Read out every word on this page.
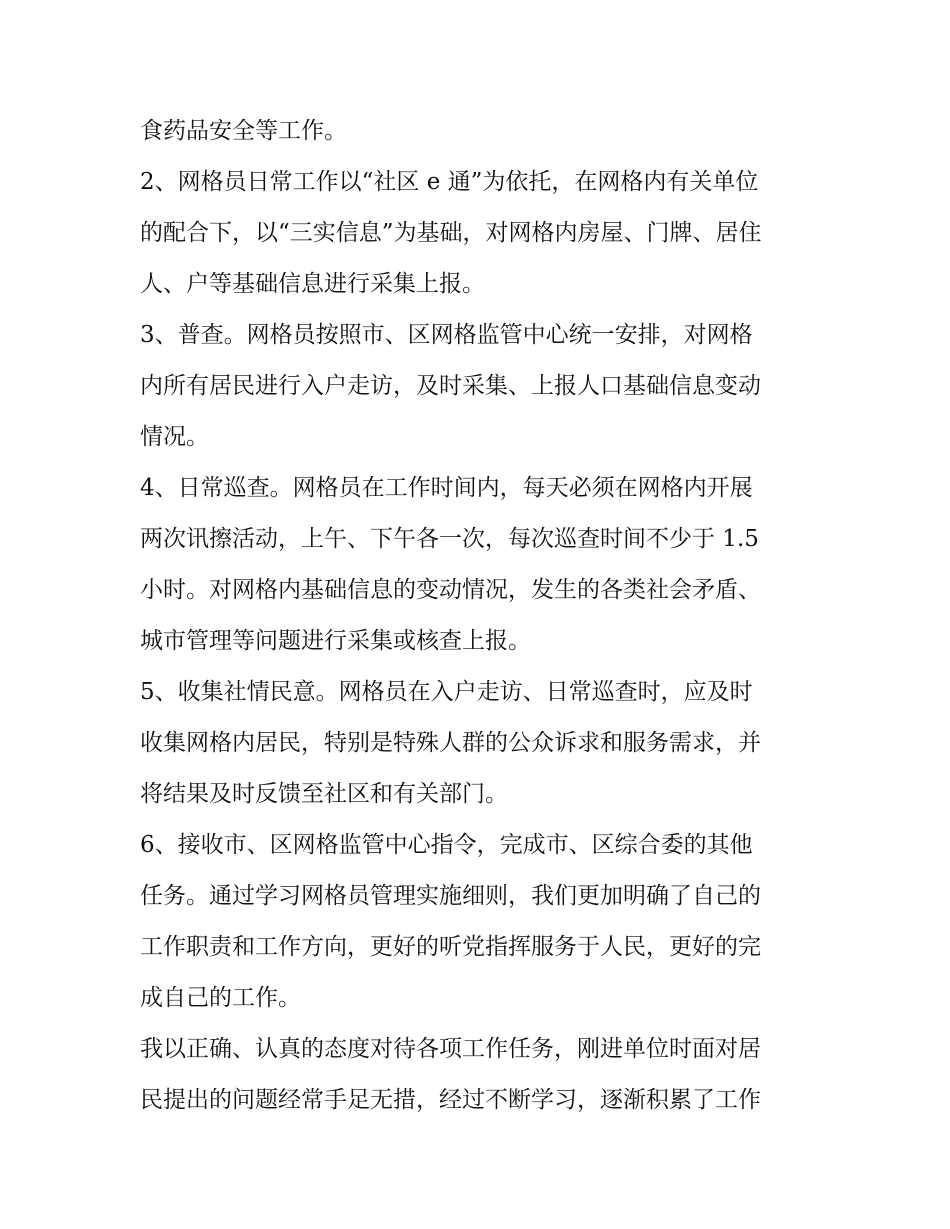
食药品安全等工作。
2、网格员日常工作以“社区 e 通”为依托，在网格内有关单位
的配合下，以“三实信息”为基础，对网格内房屋、门牌、居住
人、户等基础信息进行采集上报。
3、普查。网格员按照市、区网格监管中心统一安排，对网格
内所有居民进行入户走访，及时采集、上报人口基础信息变动
情况。
4、日常巡查。网格员在工作时间内，每天必须在网格内开展
两次讯擦活动，上午、下午各一次，每次巡查时间不少于 1.5
小时。对网格内基础信息的变动情况，发生的各类社会矛盾、
城市管理等问题进行采集或核查上报。
5、收集社情民意。网格员在入户走访、日常巡查时，应及时
收集网格内居民，特别是特殊人群的公众诉求和服务需求，并
将结果及时反馈至社区和有关部门。
6、接收市、区网格监管中心指令，完成市、区综合委的其他
任务。通过学习网格员管理实施细则，我们更加明确了自己的
工作职责和工作方向，更好的听党指挥服务于人民，更好的完
成自己的工作。
我以正确、认真的态度对待各项工作任务，刚进单位时面对居
民提出的问题经常手足无措，经过不断学习，逐渐积累了工作
